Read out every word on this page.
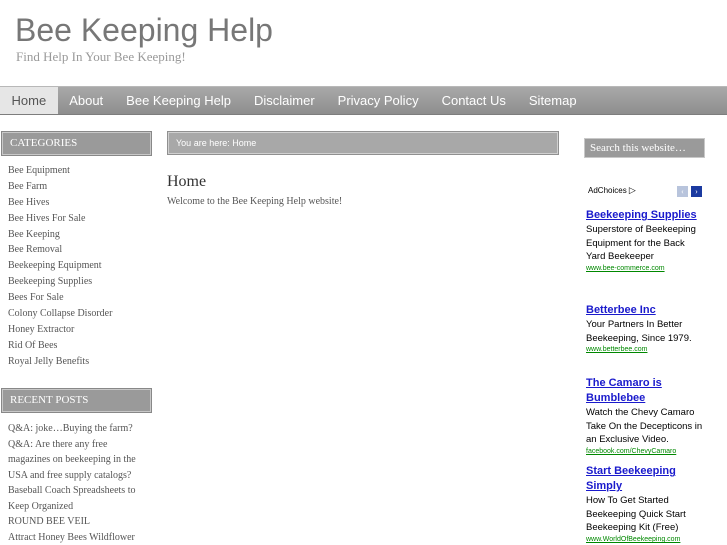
Bee Keeping Help
Find Help In Your Bee Keeping!
Home	About	Bee Keeping Help	Disclaimer	Privacy Policy	Contact Us	Sitemap
CATEGORIES
Bee Equipment
Bee Farm
Bee Hives
Bee Hives For Sale
Bee Keeping
Bee Removal
Beekeeping Equipment
Beekeeping Supplies
Bees For Sale
Colony Collapse Disorder
Honey Extractor
Rid Of Bees
Royal Jelly Benefits
RECENT POSTS
Q&A: joke…Buying the farm?
Q&A: Are there any free magazines on beekeeping in the USA and free supply catalogs?
Baseball Coach Spreadsheets to Keep Organized
ROUND BEE VEIL
Attract Honey Bees Wildflower
You are here: Home
Home

Welcome to the Bee Keeping Help website!

Search this website…
AdChoices ▷	‹	›
Beekeeping Supplies
Superstore of Beekeeping Equipment for the Back Yard Beekeeper
www.bee-commerce.com
Betterbee Inc
Your Partners In Better Beekeeping, Since 1979.
www.betterbee.com
The Camaro is Bumblebee
Watch the Chevy Camaro Take On the Decepticons in an Exclusive Video.
facebook.com/ChevyCamaro
Start Beekeeping Simply
How To Get Started Beekeeping Quick Start Beekeeping Kit (Free)
www.WorldOfBeekeeping.com
